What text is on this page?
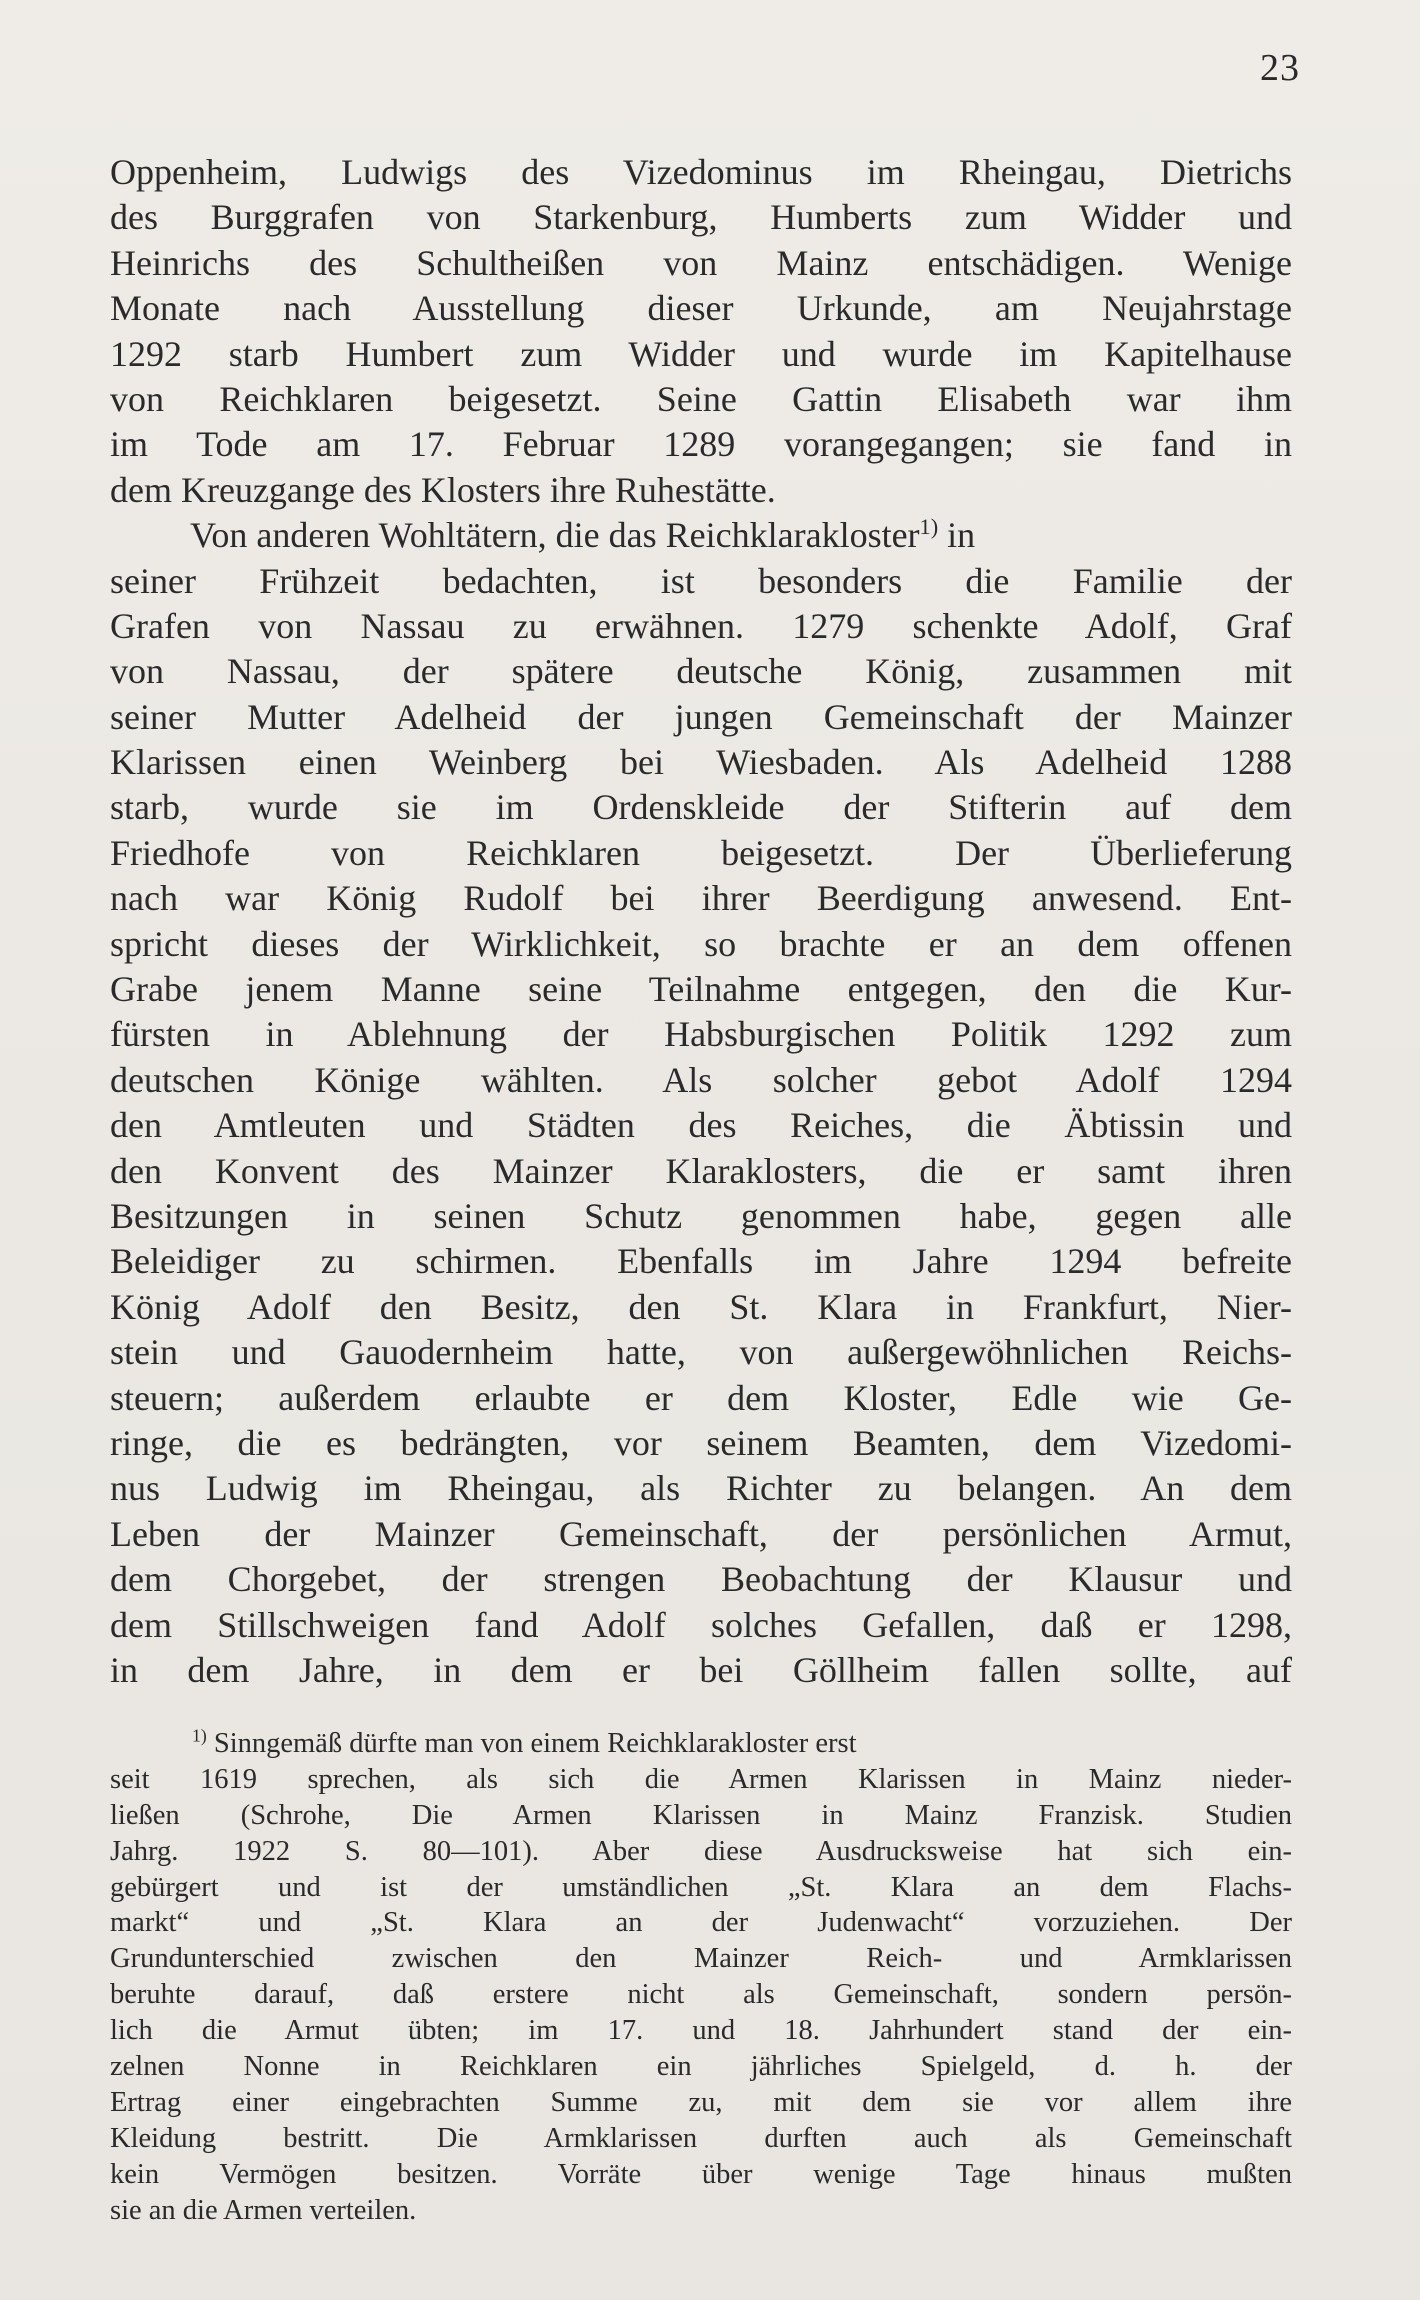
23
Oppenheim, Ludwigs des Vizedominus im Rheingau, Dietrichs
des Burggrafen von Starkenburg, Humberts zum Widder und
Heinrichs des Schultheißen von Mainz entschädigen. Wenige
Monate nach Ausstellung dieser Urkunde, am Neujahrstage
1292 starb Humbert zum Widder und wurde im Kapitelhause
von Reichklaren beigesetzt. Seine Gattin Elisabeth war ihm
im Tode am 17. Februar 1289 vorangegangen; sie fand in
dem Kreuzgange des Klosters ihre Ruhestätte.
Von anderen Wohltätern, die das Reichklarakloster$^{1)}$ in
seiner Frühzeit bedachten, ist besonders die Familie der
Grafen von Nassau zu erwähnen. 1279 schenkte Adolf, Graf
von Nassau, der spätere deutsche König, zusammen mit
seiner Mutter Adelheid der jungen Gemeinschaft der Mainzer
Klarissen einen Weinberg bei Wiesbaden. Als Adelheid 1288
starb, wurde sie im Ordenskleide der Stifterin auf dem
Friedhofe von Reichklaren beigesetzt. Der Überlieferung
nach war König Rudolf bei ihrer Beerdigung anwesend. Ent-
spricht dieses der Wirklichkeit, so brachte er an dem offenen
Grabe jenem Manne seine Teilnahme entgegen, den die Kur-
fürsten in Ablehnung der Habsburgischen Politik 1292 zum
deutschen Könige wählten. Als solcher gebot Adolf 1294
den Amtleuten und Städten des Reiches, die Äbtissin und
den Konvent des Mainzer Klaraklosters, die er samt ihren
Besitzungen in seinen Schutz genommen habe, gegen alle
Beleidiger zu schirmen. Ebenfalls im Jahre 1294 befreite
König Adolf den Besitz, den St. Klara in Frankfurt, Nier-
stein und Gauodernheim hatte, von außergewöhnlichen Reichs-
steuern; außerdem erlaubte er dem Kloster, Edle wie Ge-
ringe, die es bedrängten, vor seinem Beamten, dem Vizedomi-
nus Ludwig im Rheingau, als Richter zu belangen. An dem
Leben der Mainzer Gemeinschaft, der persönlichen Armut,
dem Chorgebet, der strengen Beobachtung der Klausur und
dem Stillschweigen fand Adolf solches Gefallen, daß er 1298,
in dem Jahre, in dem er bei Göllheim fallen sollte, auf
$^{1)}$ Sinngemäß dürfte man von einem Reichklarakloster erst
seit 1619 sprechen, als sich die Armen Klarissen in Mainz nieder-
ließen (Schrohe, Die Armen Klarissen in Mainz Franzisk. Studien
Jahrg. 1922 S. 80—101). Aber diese Ausdrucksweise hat sich ein-
gebürgert und ist der umständlichen „St. Klara an dem Flachs-
markt“ und „St. Klara an der Judenwacht“ vorzuziehen. Der
Grundunterschied zwischen den Mainzer Reich- und Armklarissen
beruhte darauf, daß erstere nicht als Gemeinschaft, sondern persön-
lich die Armut übten; im 17. und 18. Jahrhundert stand der ein-
zelnen Nonne in Reichklaren ein jährliches Spielgeld, d. h. der
Ertrag einer eingebrachten Summe zu, mit dem sie vor allem ihre
Kleidung bestritt. Die Armklarissen durften auch als Gemeinschaft
kein Vermögen besitzen. Vorräte über wenige Tage hinaus mußten
sie an die Armen verteilen.
